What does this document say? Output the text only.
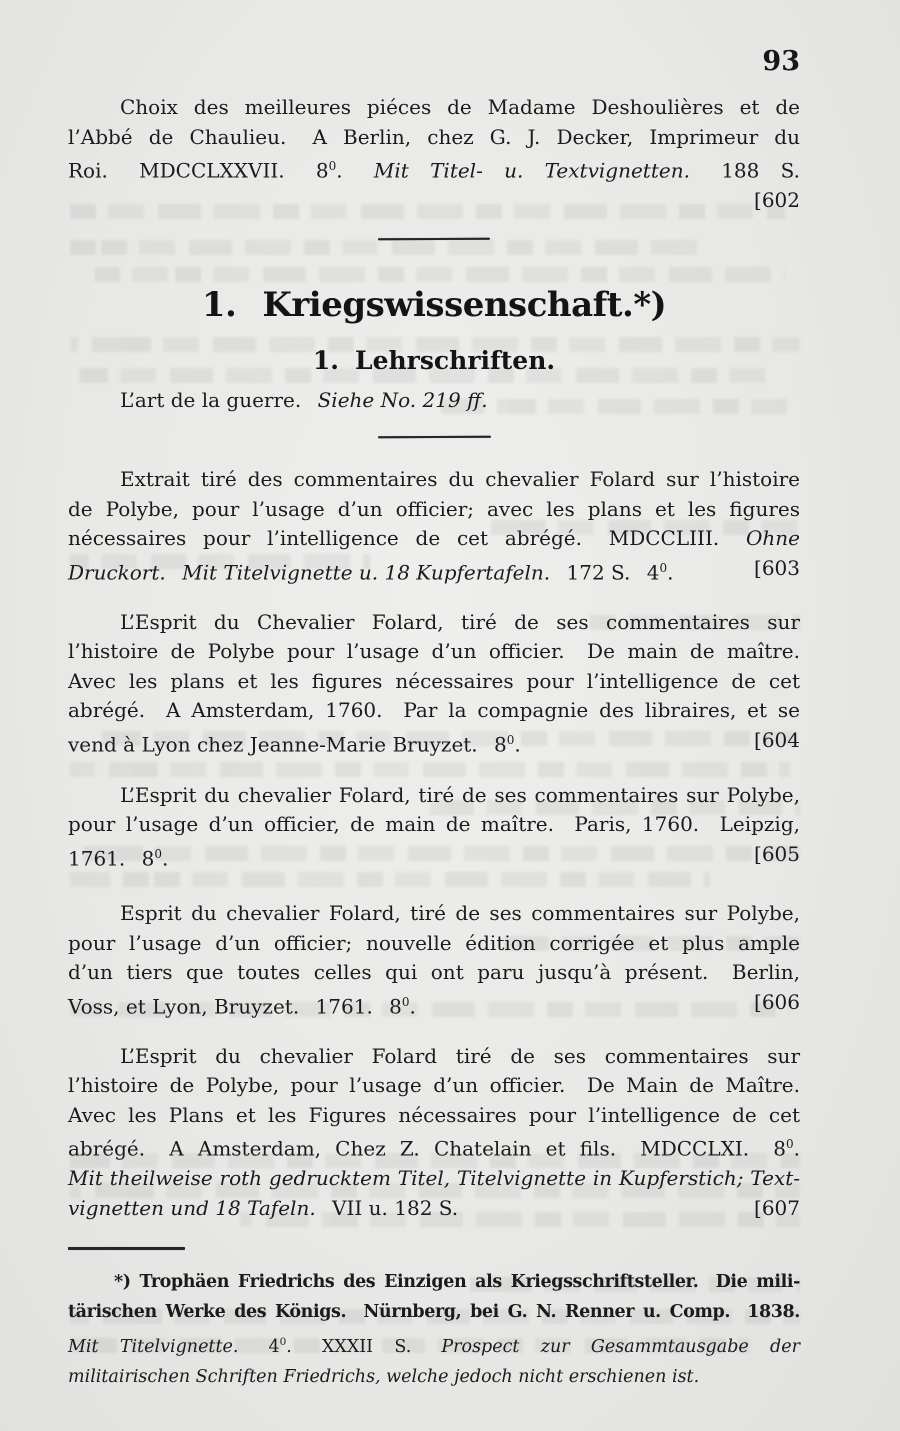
93
Choix des meilleures piéces de Madame Deshoulières et de
l’Abbé de Chaulieu.  A Berlin, chez G. J. Decker, Imprimeur du
Roi.  MDCCLXXVII.  $8^0$.  Mit Titel- u. Textvignetten.  188 S.
[602
1. Kriegswissenschaft.*)
1. Lehrschriften.
L’art de la guerre.  Siehe No. 219 ff.
Extrait tiré des commentaires du chevalier Folard sur l’histoire
de Polybe, pour l’usage d’un officier; avec les plans et les figures
nécessaires pour l’intelligence de cet abrégé.  MDCCLIII.  Ohne
Druckort.  Mit Titelvignette u. 18 Kupfertafeln.  172 S.  $4^0$.	[603
L’Esprit du Chevalier Folard, tiré de ses commentaires sur
l’histoire de Polybe pour l’usage d’un officier.  De main de maître.
Avec les plans et les figures nécessaires pour l’intelligence de cet
abrégé.  A Amsterdam, 1760.  Par la compagnie des libraires, et se
vend à Lyon chez Jeanne-Marie Bruyzet.  $8^0$.	[604
L’Esprit du chevalier Folard, tiré de ses commentaires sur Polybe,
pour l’usage d’un officier, de main de maître.  Paris, 1760.  Leipzig,
1761.  $8^0$.	[605
Esprit du chevalier Folard, tiré de ses commentaires sur Polybe,
pour l’usage d’un officier; nouvelle édition corrigée et plus ample
d’un tiers que toutes celles qui ont paru jusqu’à présent.  Berlin,
Voss, et Lyon, Bruyzet.  1761.  $8^0$.	[606
L’Esprit du chevalier Folard tiré de ses commentaires sur
l’histoire de Polybe, pour l’usage d’un officier.  De Main de Maître.
Avec les Plans et les Figures nécessaires pour l’intelligence de cet
abrégé.  A Amsterdam, Chez Z. Chatelain et fils.  MDCCLXI.  $8^0$.
Mit theilweise roth gedrucktem Titel, Titelvignette in Kupferstich; Text-
vignetten und 18 Tafeln.  VII u. 182 S.	[607
*) Trophäen Friedrichs des Einzigen als Kriegsschriftsteller.  Die mili-
tärischen Werke des Königs.  Nürnberg, bei G. N. Renner u. Comp.  1838.
Mit Titelvignette.  $4^0$.  XXXII S.  Prospect zur Gesammtausgabe der
militairischen Schriften Friedrichs, welche jedoch nicht erschienen ist.
